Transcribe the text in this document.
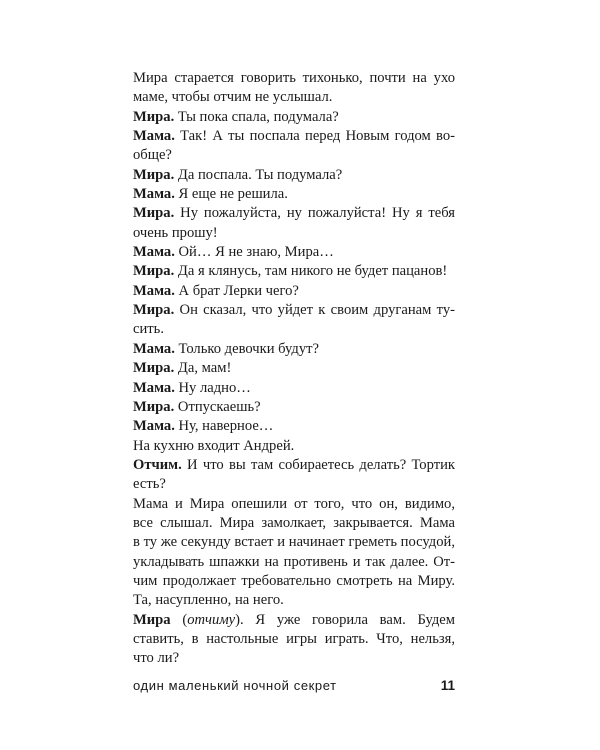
Мира старается говорить тихонько, почти на ухо
маме, чтобы отчим не услышал.
Мира. Ты пока спала, подумала?
Мама. Так! А ты поспала перед Новым годом во-
обще?
Мира. Да поспала. Ты подумала?
Мама. Я еще не решила.
Мира. Ну пожалуйста, ну пожалуйста! Ну я тебя
очень прошу!
Мама. Ой… Я не знаю, Мира…
Мира. Да я клянусь, там никого не будет пацанов!
Мама. А брат Лерки чего?
Мира. Он сказал, что уйдет к своим друганам ту-
сить.
Мама. Только девочки будут?
Мира. Да, мам!
Мама. Ну ладно…
Мира. Отпускаешь?
Мама. Ну, наверное…
На кухню входит Андрей.
Отчим. И что вы там собираетесь делать? Тортик
есть?
Мама и Мира опешили от того, что он, видимо,
все слышал. Мира замолкает, закрывается. Мама
в ту же секунду встает и начинает греметь посудой,
укладывать шпажки на противень и так далее. От-
чим продолжает требовательно смотреть на Миру.
Та, насупленно, на него.
Мира (отчиму). Я уже говорила вам. Будем
ставить, в настольные игры играть. Что, нельзя,
что ли?
один маленький ночной секрет	11
